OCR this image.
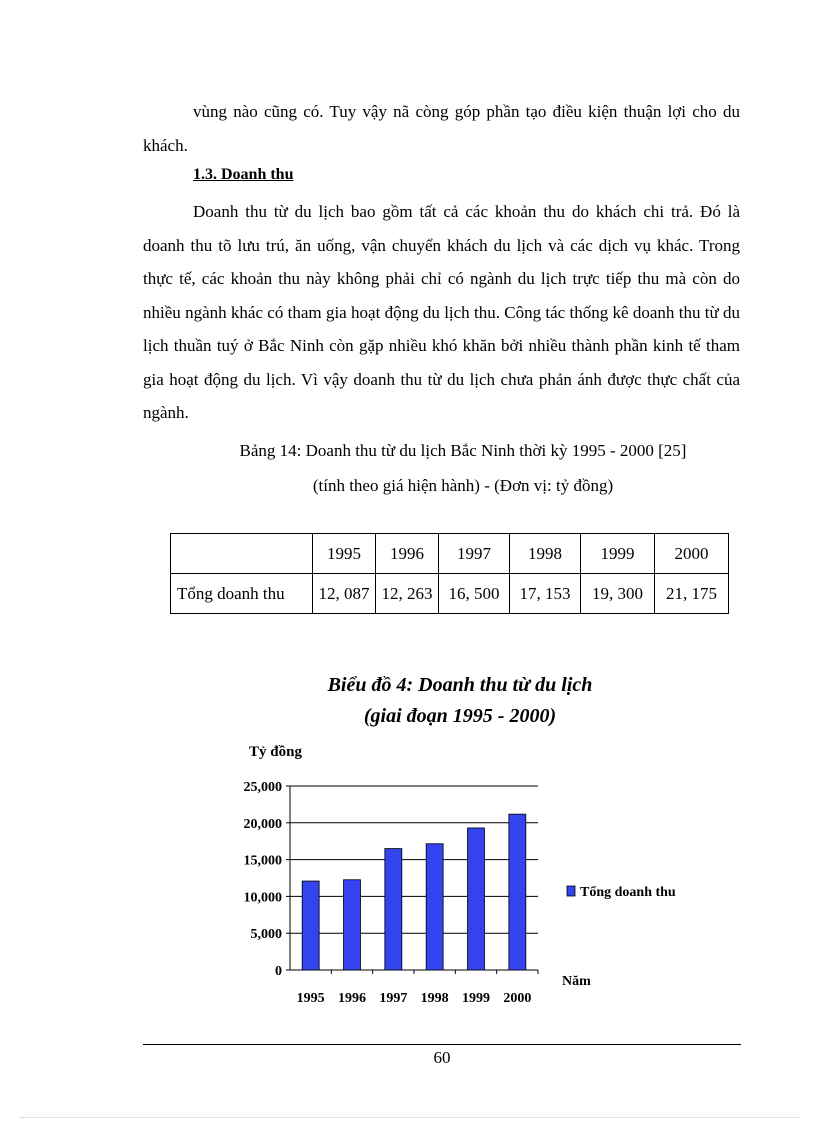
vùng nào cũng có. Tuy vậy nã còng góp phần tạo điều kiện thuận lợi cho du khách.
1.3. Doanh thu
Doanh thu từ du lịch bao gồm tất cả các khoản thu do khách chi trả. Đó là doanh thu tõ lưu trú, ăn uống, vận chuyển khách du lịch và các dịch vụ khác. Trong thực tế, các khoản thu này không phải chỉ có ngành du lịch trực tiếp thu mà còn do nhiều ngành khác có tham gia hoạt động du lịch thu. Công tác thống kê doanh thu từ du lịch thuần tuý ở Bắc Ninh còn gặp nhiều khó khăn bởi nhiều thành phần kinh tế tham gia hoạt động du lịch. Vì vậy doanh thu từ du lịch chưa phản ánh được thực chất của ngành.
Bảng 14: Doanh thu từ du lịch Bắc Ninh thời kỳ 1995 - 2000 [25]
(tính theo giá hiện hành) - (Đơn vị: tỷ đồng)
	1995	1996	1997	1998	1999	2000
Tổng doanh thu	12, 087	12, 263	16, 500	17, 153	19, 300	21, 175
Biểu đồ 4: Doanh thu từ du lịch
(giai đoạn 1995 - 2000)
0
5,000
10,000
15,000
20,000
25,000
1995 1996 1997 1998 1999 2000
Tỷ đồng
Năm
Tổng doanh thu
60
